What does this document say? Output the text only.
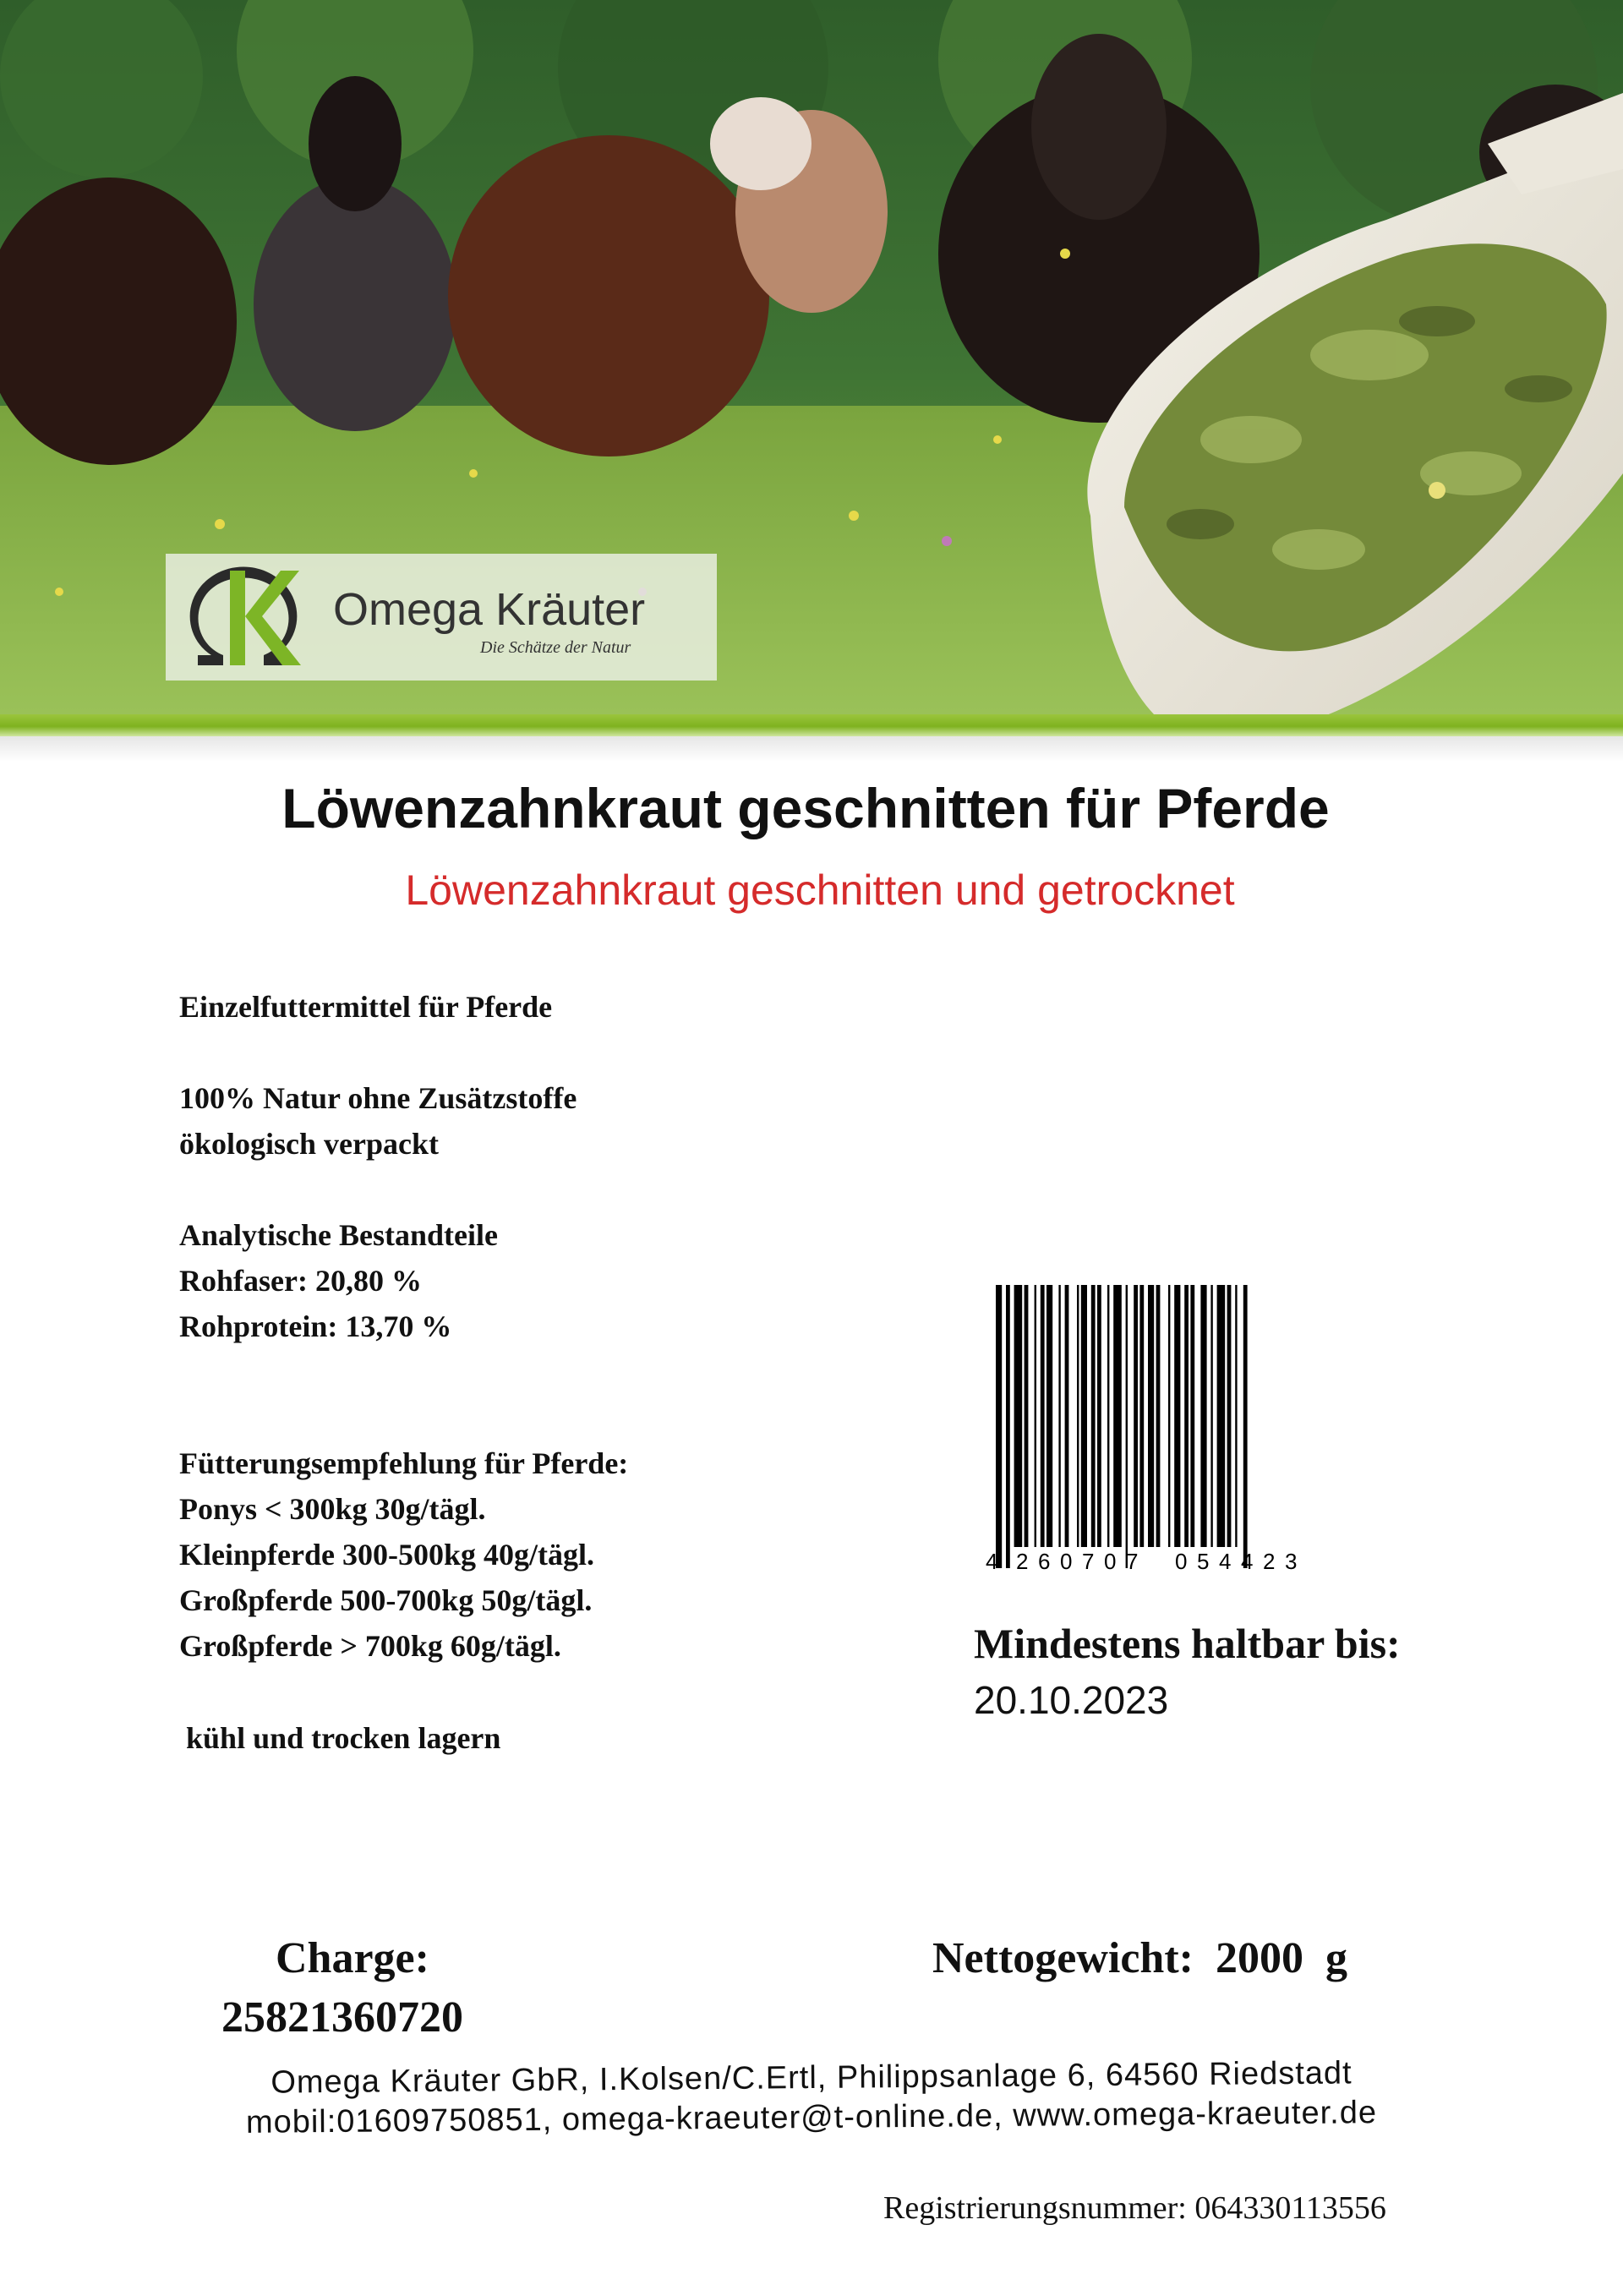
Omega Kräuter
Die Schätze der Natur
Löwenzahnkraut geschnitten für Pferde
Löwenzahnkraut geschnitten und getrocknet
Einzelfuttermittel für Pferde
100% Natur ohne Zusätzstoffe
ökologisch verpackt
Analytische Bestandteile
Rohfaser: 20,80 %
Rohprotein: 13,70 %
Fütterungsempfehlung für Pferde:
Ponys < 300kg 30g/tägl.
Kleinpferde 300-500kg 40g/tägl.
Großpferde 500-700kg 50g/tägl.
Großpferde > 700kg 60g/tägl.
kühl und trocken lagern
4 2 6 0 7 0 7 0 5 4 4 2 3
Mindestens haltbar bis:
20.10.2023
Charge:
25821360720
Nettogewicht:  2000  g
Omega Kräuter GbR, I.Kolsen/C.Ertl, Philippsanlage 6, 64560 Riedstadt
mobil:01609750851, omega-kraeuter@t-online.de, www.omega-kraeuter.de
Registrierungsnummer: 064330113556
